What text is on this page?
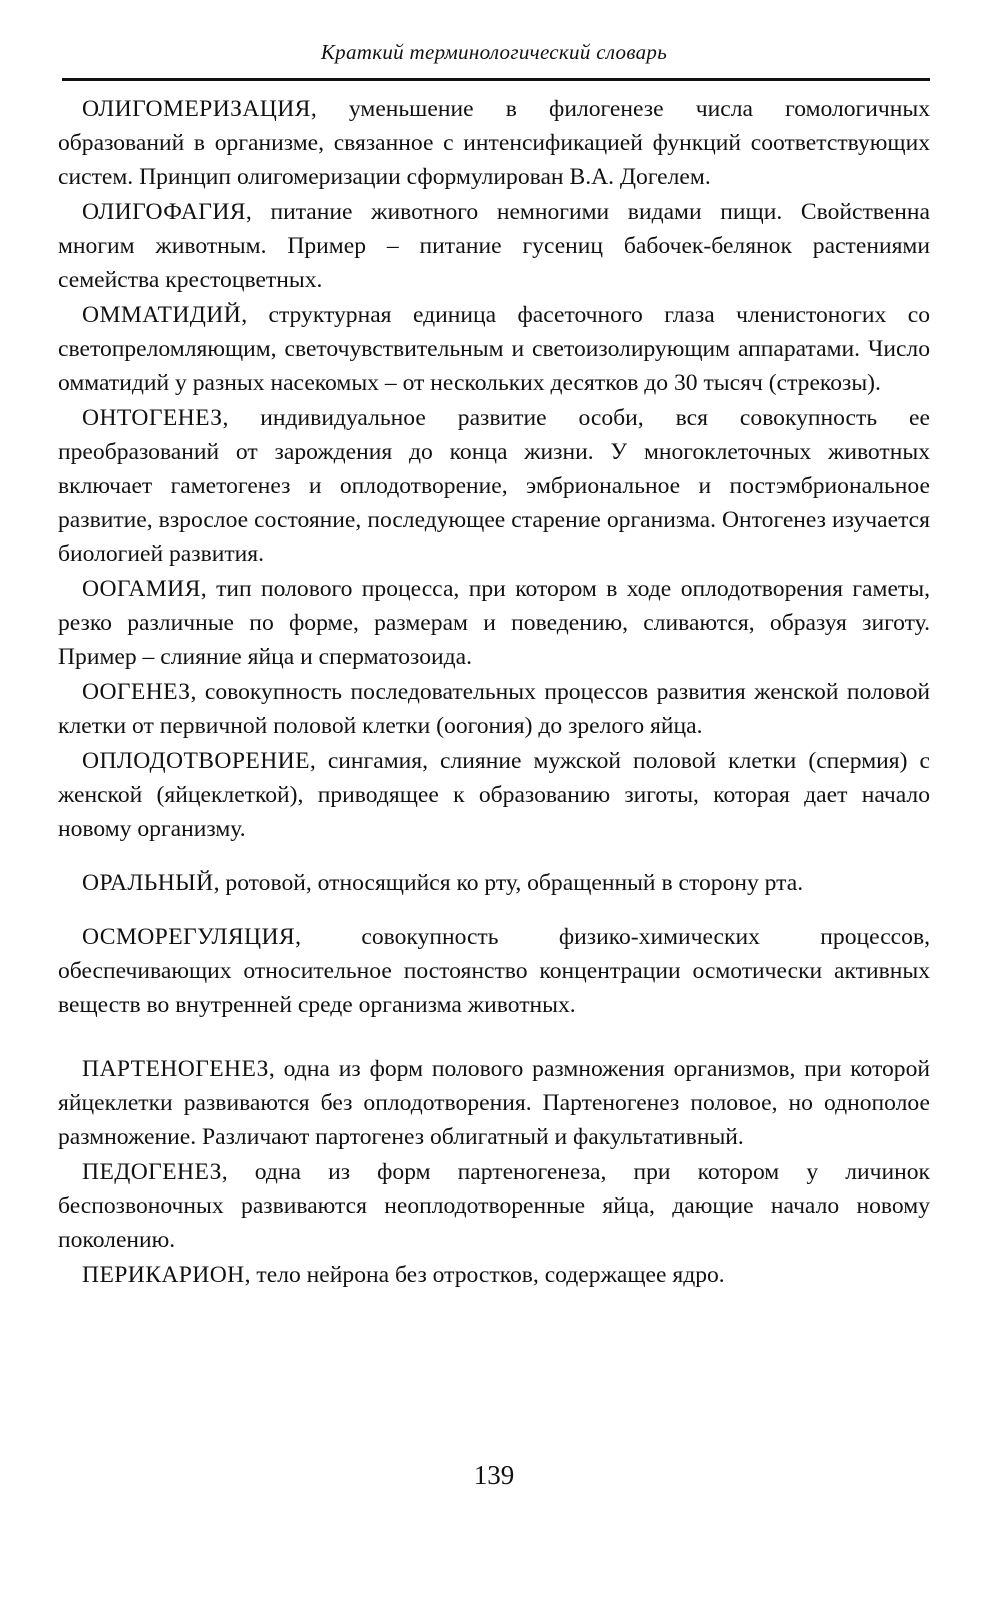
Краткий терминологический словарь

ОЛИГОМЕРИЗАЦИЯ, уменьшение в филогенезе числа гомологичных образований в организме, связанное с интенсификацией функций соответствующих систем. Принцип олигомеризации сформулирован В.А. Догелем.

ОЛИГОФАГИЯ, питание животного немногими видами пищи. Свойственна многим животным. Пример – питание гусениц бабочек-белянок растениями семейства крестоцветных.

ОММАТИДИЙ, структурная единица фасеточного глаза членистоногих со светопреломляющим, светочувствительным и светоизолирующим аппаратами. Число омматидий у разных насекомых – от нескольких десятков до 30 тысяч (стрекозы).

ОНТОГЕНЕЗ, индивидуальное развитие особи, вся совокупность ее преобразований от зарождения до конца жизни. У многоклеточных животных включает гаметогенез и оплодотворение, эмбриональное и постэмбриональное развитие, взрослое состояние, последующее старение организма. Онтогенез изучается биологией развития.

ООГАМИЯ, тип полового процесса, при котором в ходе оплодотворения гаметы, резко различные по форме, размерам и поведению, сливаются, образуя зиготу. Пример – слияние яйца и сперматозоида.

ООГЕНЕЗ, совокупность последовательных процессов развития женской половой клетки от первичной половой клетки (оогония) до зрелого яйца.

ОПЛОДОТВОРЕНИЕ, сингамия, слияние мужской половой клетки (спермия) с женской (яйцеклеткой), приводящее к образованию зиготы, которая дает начало новому организму.

ОРАЛЬНЫЙ, ротовой, относящийся ко рту, обращенный в сторону рта.

ОСМОРЕГУЛЯЦИЯ, совокупность физико-химических процессов, обеспечивающих относительное постоянство концентрации осмотически активных веществ во внутренней среде организма животных.

ПАРТЕНОГЕНЕЗ, одна из форм полового размножения организмов, при которой яйцеклетки развиваются без оплодотворения. Партеногенез половое, но однополое размножение. Различают партогенез облигатный и факультативный.

ПЕДОГЕНЕЗ, одна из форм партеногенеза, при котором у личинок беспозвоночных развиваются неоплодотворенные яйца, дающие начало новому поколению.

ПЕРИКАРИОН, тело нейрона без отростков, содержащее ядро.

139
